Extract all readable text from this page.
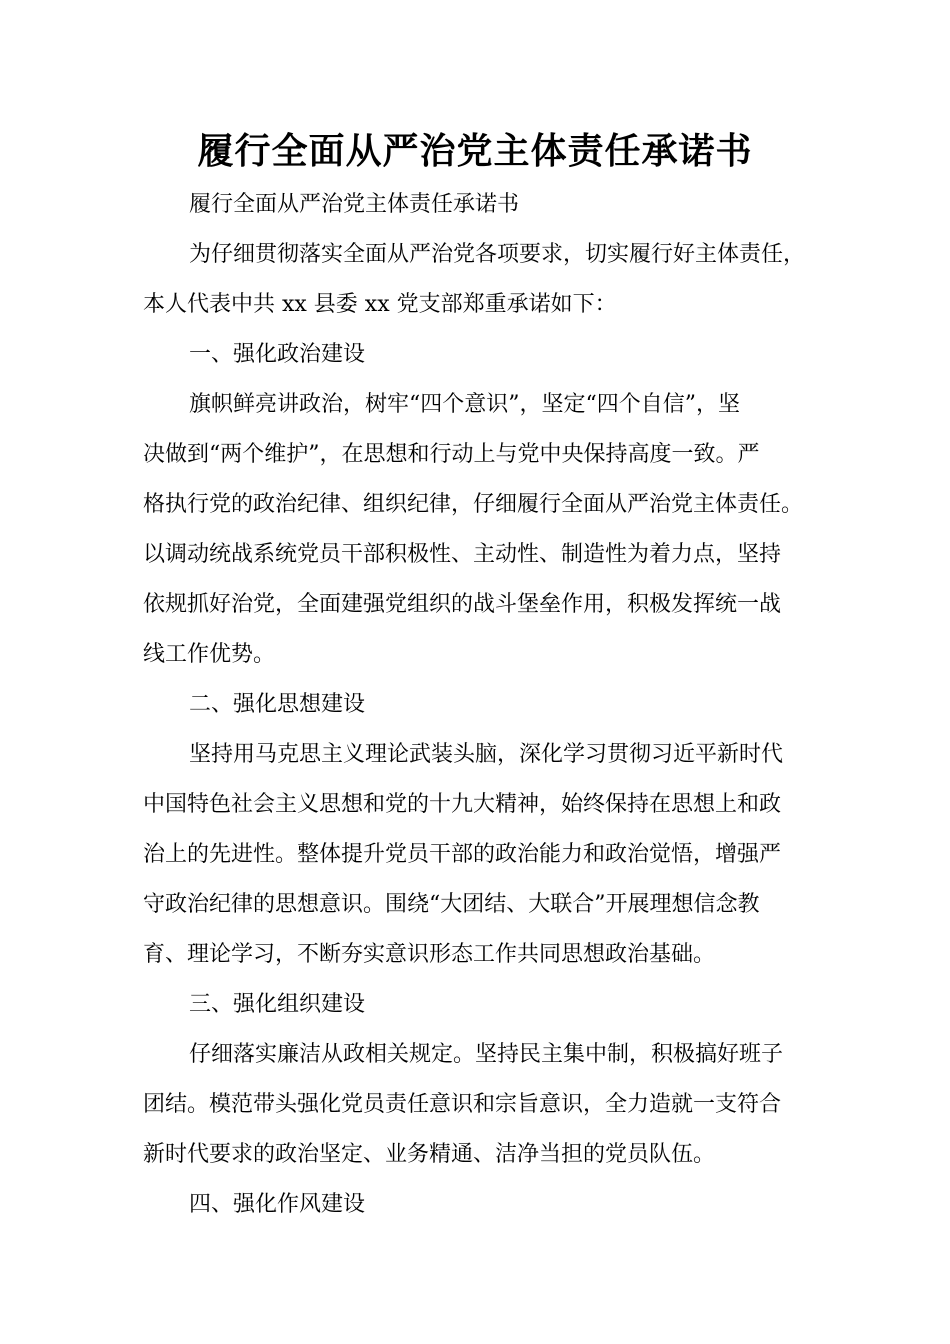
履行全面从严治党主体责任承诺书
履行全面从严治党主体责任承诺书
为仔细贯彻落实全面从严治党各项要求，切实履行好主体责任，
本人代表中共 xx 县委 xx 党支部郑重承诺如下：
一、强化政治建设
旗帜鲜亮讲政治，树牢“四个意识”，坚定“四个自信”，坚
决做到“两个维护”，在思想和行动上与党中央保持高度一致。严
格执行党的政治纪律、组织纪律，仔细履行全面从严治党主体责任。
以调动统战系统党员干部积极性、主动性、制造性为着力点，坚持
依规抓好治党，全面建强党组织的战斗堡垒作用，积极发挥统一战
线工作优势。
二、强化思想建设
坚持用马克思主义理论武装头脑，深化学习贯彻习近平新时代
中国特色社会主义思想和党的十九大精神，始终保持在思想上和政
治上的先进性。整体提升党员干部的政治能力和政治觉悟，增强严
守政治纪律的思想意识。围绕“大团结、大联合”开展理想信念教
育、理论学习，不断夯实意识形态工作共同思想政治基础。
三、强化组织建设
仔细落实廉洁从政相关规定。坚持民主集中制，积极搞好班子
团结。模范带头强化党员责任意识和宗旨意识，全力造就一支符合
新时代要求的政治坚定、业务精通、洁净当担的党员队伍。
四、强化作风建设
